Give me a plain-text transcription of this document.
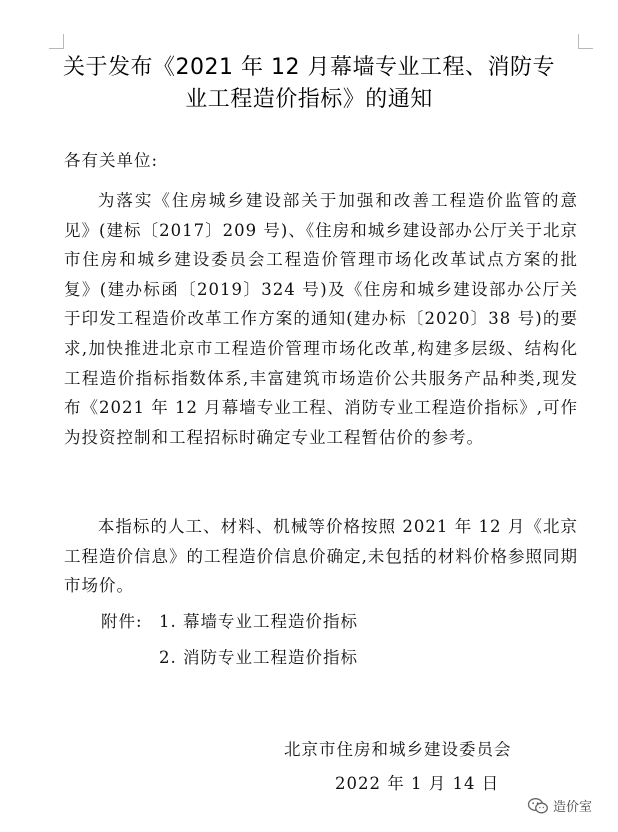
关于发布《2021 年 12 月幕墙专业工程、消防专
业工程造价指标》的通知
各有关单位:
为落实《住房城乡建设部关于加强和改善工程造价监管的意见》(建标〔2017〕209 号)、《住房和城乡建设部办公厅关于北京市住房和城乡建设委员会工程造价管理市场化改革试点方案的批复》(建办标函〔2019〕324 号)及《住房和城乡建设部办公厅关于印发工程造价改革工作方案的通知(建办标〔2020〕38 号)的要求,加快推进北京市工程造价管理市场化改革,构建多层级、结构化工程造价指标指数体系,丰富建筑市场造价公共服务产品种类,现发布《2021 年 12 月幕墙专业工程、消防专业工程造价指标》,可作为投资控制和工程招标时确定专业工程暂估价的参考。
本指标的人工、材料、机械等价格按照 2021 年 12 月《北京工程造价信息》的工程造价信息价确定,未包括的材料价格参照同期市场价。
附件: 1. 幕墙专业工程造价指标
2. 消防专业工程造价指标
北京市住房和城乡建设委员会
2022 年 1 月 14 日
造价室
